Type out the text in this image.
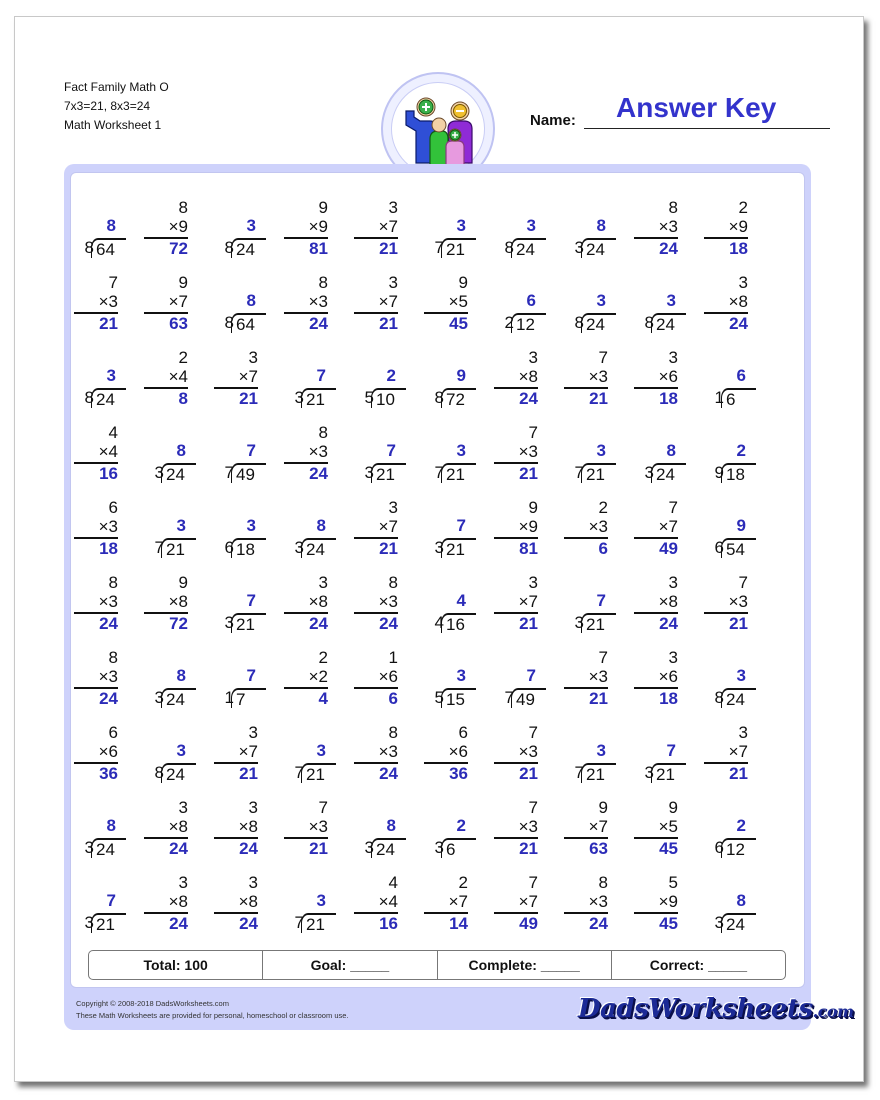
Fact Family Math O
7x3=21, 8x3=24
Math Worksheet 1	Name: Answer Key
8
8 64
8
×9
72
3
8 24
9
×9
81
3
×7
21
3
7 21
3
8 24
8
3 24
8
×3
24
2
×9
18
7
×3
21
9
×7
63
8
8 64
8
×3
24
3
×7
21
9
×5
45
6
2 12
3
8 24
3
8 24
3
×8
24
3
8 24
2
×4
8
3
×7
21
7
3 21
2
5 10
9
8 72
3
×8
24
7
×3
21
3
×6
18
6
1 6
4
×4
16
8
3 24
7
7 49
8
×3
24
7
3 21
3
7 21
7
×3
21
3
7 21
8
3 24
2
9 18
6
×3
18
3
7 21
3
6 18
8
3 24
3
×7
21
7
3 21
9
×9
81
2
×3
6
7
×7
49
9
6 54
8
×3
24
9
×8
72
7
3 21
3
×8
24
8
×3
24
4
4 16
3
×7
21
7
3 21
3
×8
24
7
×3
21
8
×3
24
8
3 24
7
1 7
2
×2
4
1
×6
6
3
5 15
7
7 49
7
×3
21
3
×6
18
3
8 24
6
×6
36
3
8 24
3
×7
21
3
7 21
8
×3
24
6
×6
36
7
×3
21
3
7 21
7
3 21
3
×7
21
8
3 24
3
×8
24
3
×8
24
7
×3
21
8
3 24
2
3 6
7
×3
21
9
×7
63
9
×5
45
2
6 12
7
3 21
3
×8
24
3
×8
24
3
7 21
4
×4
16
2
×7
14
7
×7
49
8
×3
24
5
×9
45
8
3 24
Total: 100	Goal: _____	Complete: _____	Correct: _____
Copyright © 2008-2018 DadsWorksheets.com
These Math Worksheets are provided for personal, homeschool or classroom use.	DadsWorksheets.com
